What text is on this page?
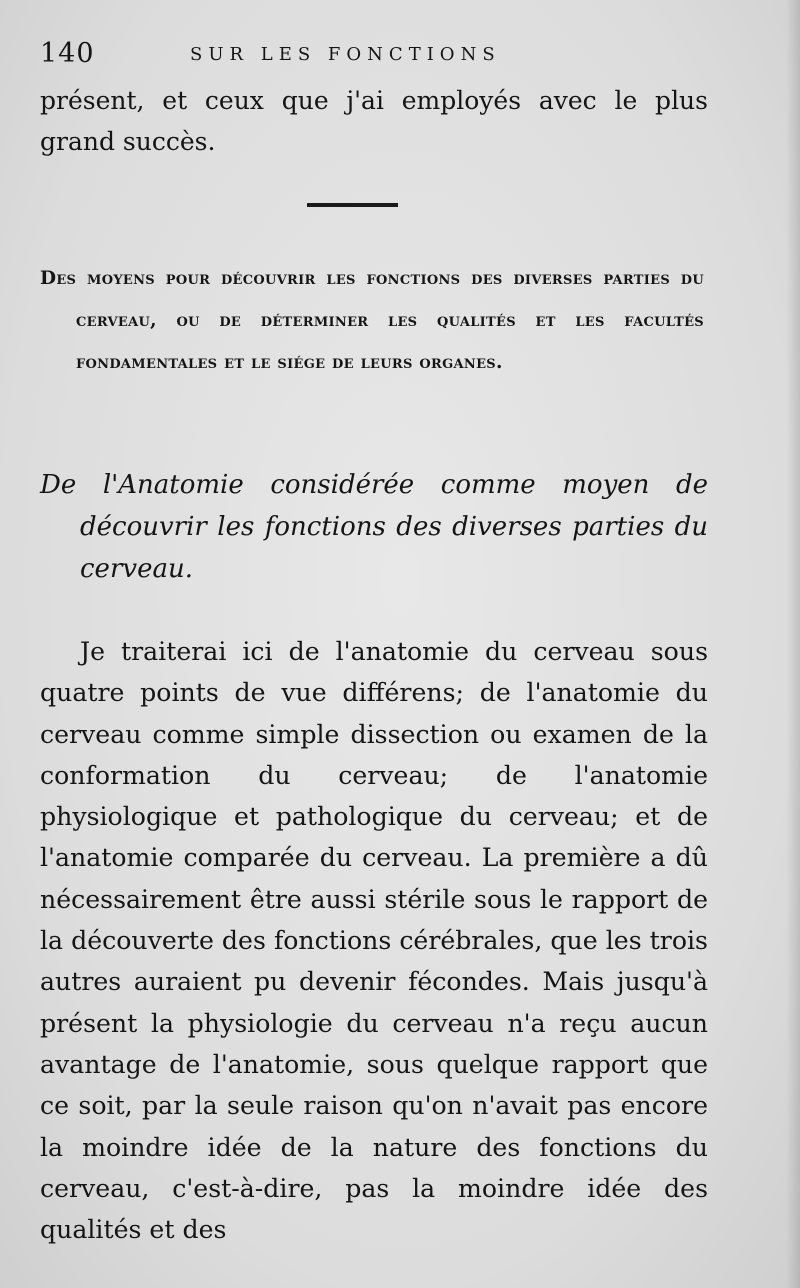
140	SUR LES FONCTIONS

présent, et ceux que j'ai employés avec le plus grand succès.

Des moyens pour découvrir les fonctions des diverses parties du cerveau, ou de déterminer les qualités et les facultés fondamentales et le siége de leurs organes.
De l'Anatomie considérée comme moyen de découvrir les fonctions des diverses parties du cerveau.

Je traiterai ici de l'anatomie du cerveau sous quatre points de vue différens; de l'anatomie du cerveau comme simple dissection ou examen de la conformation du cerveau; de l'anatomie physiologique et pathologique du cerveau; et de l'anatomie comparée du cerveau. La première a dû nécessairement être aussi stérile sous le rapport de la découverte des fonctions cérébrales, que les trois autres auraient pu devenir fécondes. Mais jusqu'à présent la physiologie du cerveau n'a reçu aucun avantage de l'anatomie, sous quelque rapport que ce soit, par la seule raison qu'on n'avait pas encore la moindre idée de la nature des fonctions du cerveau, c'est-à-dire, pas la moindre idée des qualités et des
